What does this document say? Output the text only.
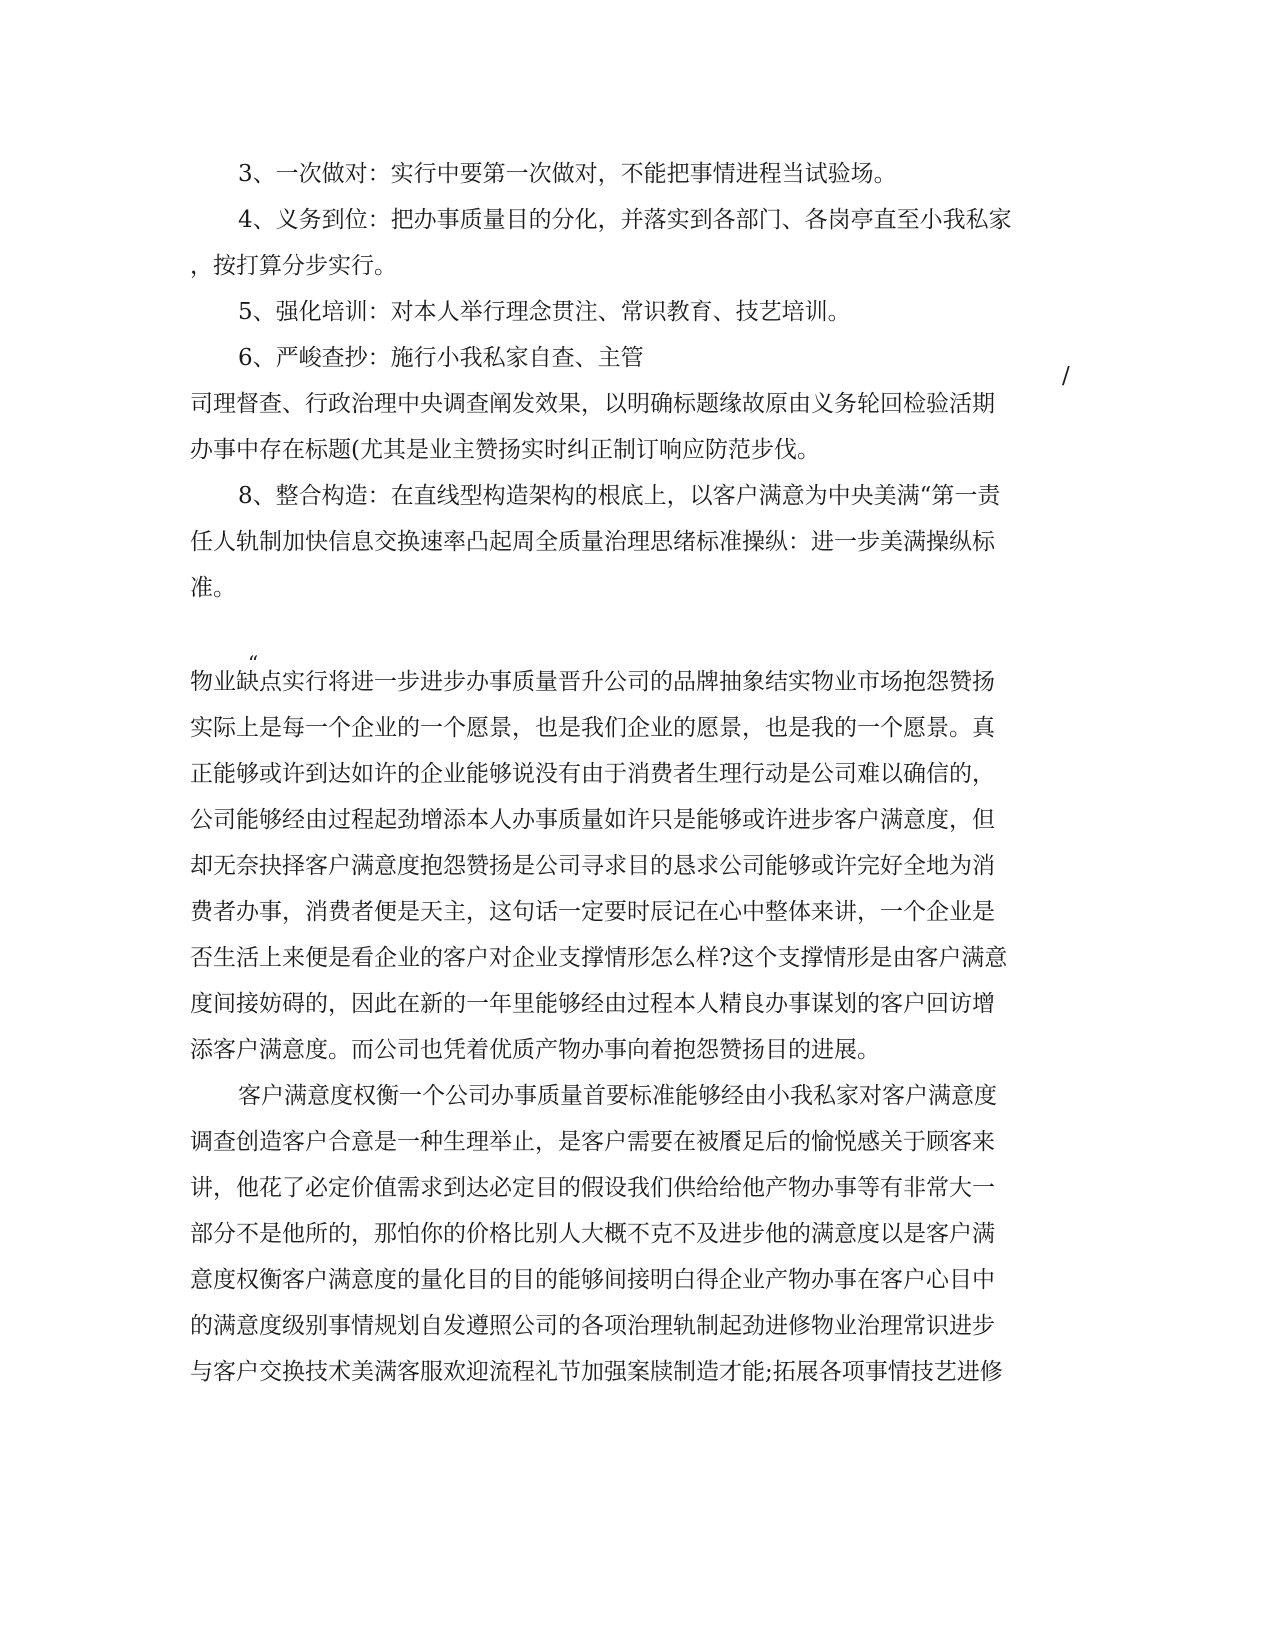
3、一次做对：实行中要第一次做对，不能把事情进程当试验场。
4、义务到位：把办事质量目的分化，并落实到各部门、各岗亭直至小我私家
，按打算分步实行。
5、强化培训：对本人举行理念贯注、常识教育、技艺培训。
6、严峻查抄：施行小我私家自查、主管
/
司理督查、行政治理中央调查阐发效果，以明确标题缘故原由义务轮回检验活期
办事中存在标题(尤其是业主赞扬实时纠正制订响应防范步伐。
8、整合构造：在直线型构造架构的根底上，以客户满意为中央美满“第一责
任人轨制加快信息交换速率凸起周全质量治理思绪标准操纵：进一步美满操纵标
准。
“
物业缺点实行将进一步进步办事质量晋升公司的品牌抽象结实物业市场抱怨赞扬
实际上是每一个企业的一个愿景，也是我们企业的愿景，也是我的一个愿景。真
正能够或许到达如许的企业能够说没有由于消费者生理行动是公司难以确信的，
公司能够经由过程起劲增添本人办事质量如许只是能够或许进步客户满意度，但
却无奈抉择客户满意度抱怨赞扬是公司寻求目的恳求公司能够或许完好全地为消
费者办事，消费者便是天主，这句话一定要时辰记在心中整体来讲，一个企业是
否生活上来便是看企业的客户对企业支撑情形怎么样?这个支撑情形是由客户满意
度间接妨碍的，因此在新的一年里能够经由过程本人精良办事谋划的客户回访增
添客户满意度。而公司也凭着优质产物办事向着抱怨赞扬目的进展。
客户满意度权衡一个公司办事质量首要标准能够经由小我私家对客户满意度
调查创造客户合意是一种生理举止，是客户需要在被餍足后的愉悦感关于顾客来
讲，他花了必定价值需求到达必定目的假设我们供给给他产物办事等有非常大一
部分不是他所的，那怕你的价格比别人大概不克不及进步他的满意度以是客户满
意度权衡客户满意度的量化目的目的能够间接明白得企业产物办事在客户心目中
的满意度级别事情规划自发遵照公司的各项治理轨制起劲进修物业治理常识进步
与客户交换技术美满客服欢迎流程礼节加强案牍制造才能;拓展各项事情技艺进修
